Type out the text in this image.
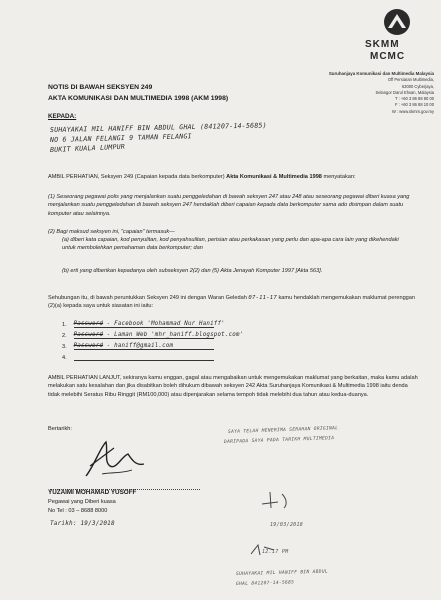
SKMM
MCMC
Suruhanjaya Komunikasi dan Multimedia Malaysia
Off Persiaran Multimedia,
63000 Cyberjaya,
Selangor Darul Ehsan, Malaysia
T : +60 3 86 88 80 00
F : +60 3 86 88 10 00
W : www.skmm.gov.my
NOTIS DI BAWAH SEKSYEN 249
AKTA KOMUNIKASI DAN MULTIMEDIA 1998 (AKM 1998)
KEPADA:
SUHAYAKAI MIL HANIFF BIN ABDUL GHAL (841207-14-5685)
NO 6 JALAN FELANGI 9 TAMAN FELANGI
BUKIT KUALA LUMPUR
AMBIL PERHATIAN, Seksyen 249 (Capaian kepada data berkomputer) Akta Komunikasi & Multimedia 1998 menyatakan:
(1) Seseorang pegawai polis yang menjalankan suatu penggeledahan di bawah seksyen 247 atau 248 atau seseorang pegawai diberi kuasa yang menjalankan suatu penggeledahan di bawah seksyen 247 hendaklah diberi capaian kepada data berkomputer sama ado disimpan dalam suatu komputer atau selainnya.
(2) Bagi maksud seksyen ini, "capaian" termasuk—
(a) diberi kata capaian, kod penyulitan, kod penyahsulitan, perisian atau perkakasan yang perlu dan apa-apa cara lain yang dikehendaki untuk membolehkan pemahaman data berkomputer; dan
(b) erti yang diberikan kepadanya oleh subseksyen 2(2) dan (5) Akta Jenayah Komputer 1997 [Akta 563].
Sehubungan itu, di bawah peruntukkan Seksyen 249 ini dengan Waran Geledah 07-11-17 kamu hendaklah mengemukakan maklumat perenggan (2)(a) kepada saya untuk siasatan ini iaitu:
1. Password - Facebook 'Mohammad Nur Haniff'
2. Password - Laman Web 'mhr_haniff.blogspot.com'
3. Password - haniff@gmail.com
4.
AMBIL PERHATIAN LANJUT, sekiranya kamu enggan, gagal atau mengabaikan untuk mengemukakan maklumat yang berkaitan, maka kamu adalah melakukan satu kesalahan dan jika disabitkan boleh dihukum dibawah seksyen 242 Akta Suruhanjaya Komunikasi & Multimedia 1998 iaitu denda tidak melebihi Seratus Ribu Ringgit (RM100,000) atau dipenjarakan selama tempoh tidak melebihi dua tahun atau kedua-duanya.
Bertarikh:
YUZAIMI MOHAMAD YUSOFF
Pegawai yang Diberi kuasa
No Tel : 03 – 8688 8000
Tarikh: 19/3/2018
SAYA TELAH MENERIMA SERAHAN ORIGINAL
DARIPADA SAYA PADA TARIKH MULTIMEDIA
19/03/2018
12.17 PM
SUHAYAKAI MIL HANIFF BIN ABDUL
GHAL 841207-14-5685
